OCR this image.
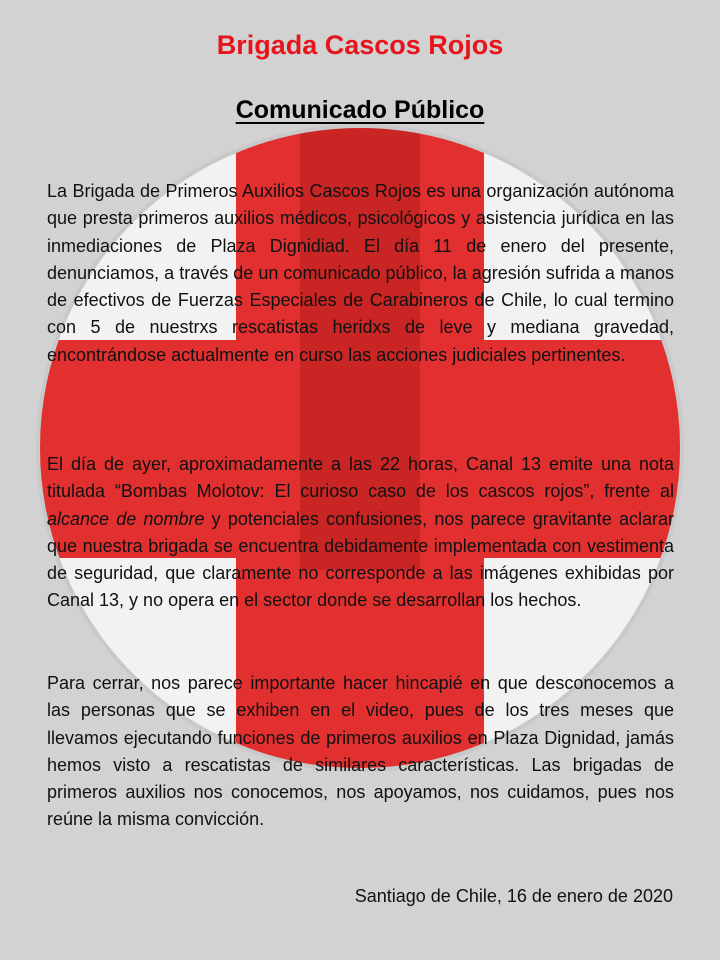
Brigada Cascos Rojos
Comunicado Público

La Brigada de Primeros Auxilios Cascos Rojos es una organización autónoma que presta primeros auxilios médicos, psicológicos y asistencia jurídica en las inmediaciones de Plaza Dignidiad. El día 11 de enero del presente, denunciamos, a través de un comunicado público, la agresión sufrida a manos de efectivos de Fuerzas Especiales de Carabineros de Chile, lo cual termino con 5 de nuestrxs rescatistas heridxs de leve y mediana gravedad, encontrándose actualmente en curso las acciones judiciales pertinentes.

El día de ayer, aproximadamente a las 22 horas, Canal 13 emite una nota titulada “Bombas Molotov: El curioso caso de los cascos rojos”, frente al alcance de nombre y potenciales confusiones, nos parece gravitante aclarar que nuestra brigada se encuentra debidamente implementada con vestimenta de seguridad, que claramente no corresponde a las imágenes exhibidas por Canal 13, y no opera en el sector donde se desarrollan los hechos.

Para cerrar, nos parece importante hacer hincapié en que desconocemos a las personas que se exhiben en el video, pues de los tres meses que llevamos ejecutando funciones de primeros auxilios en Plaza Dignidad, jamás hemos visto a rescatistas de similares características. Las brigadas de primeros auxilios nos conocemos, nos apoyamos, nos cuidamos, pues nos reúne la misma convicción.

Santiago de Chile, 16 de enero de 2020
